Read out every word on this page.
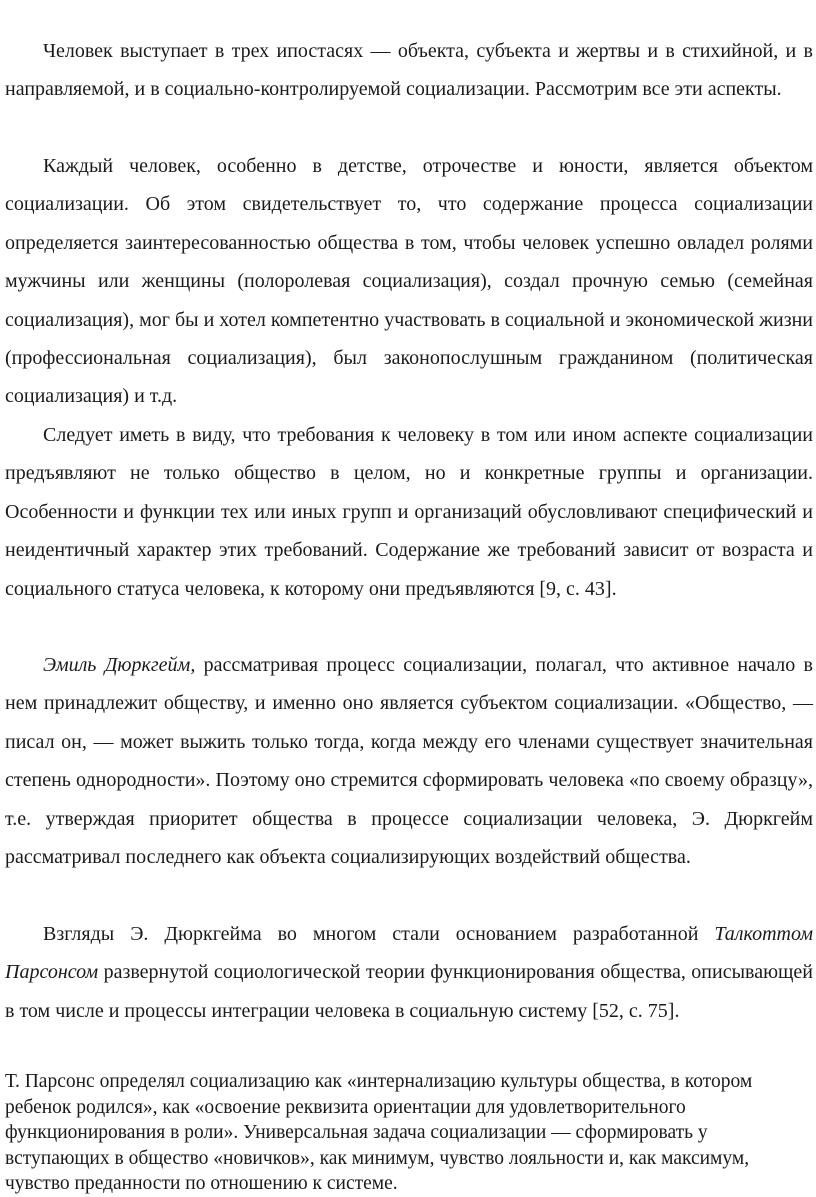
Человек выступает в трех ипостасях — объекта, субъекта и жертвы и в стихийной, и в направляемой, и в социально-контролируемой социализации. Рассмотрим все эти аспекты.

Каждый человек, особенно в детстве, отрочестве и юности, является объектом социализации. Об этом свидетельствует то, что содержание процесса социализации определяется заинтересованностью общества в том, чтобы человек успешно овладел ролями мужчины или женщины (полоролевая социализация), создал прочную семью (семейная социализация), мог бы и хотел компетентно участвовать в социальной и экономической жизни (профессиональная социализация), был законопослушным гражданином (политическая социализация) и т.д.

Следует иметь в виду, что требования к человеку в том или ином аспекте социализации предъявляют не только общество в целом, но и конкретные группы и организации. Особенности и функции тех или иных групп и организаций обусловливают специфический и неидентичный характер этих требований. Содержание же требований зависит от возраста и социального статуса человека, к которому они предъявляются [9, с. 43].

Эмиль Дюркгейм, рассматривая процесс социализации, полагал, что активное начало в нем принадлежит обществу, и именно оно является субъектом социализации. «Общество, — писал он, — может выжить только тогда, когда между его членами существует значительная степень однородности». Поэтому оно стремится сформировать человека «по своему образцу», т.е. утверждая приоритет общества в процессе социализации человека, Э. Дюркгейм рассматривал последнего как объекта социализирующих воздействий общества.

Взгляды Э. Дюркгейма во многом стали основанием разработанной Талкоттом Парсонсом развернутой социологической теории функционирования общества, описывающей в том числе и процессы интеграции человека в социальную систему [52, с. 75].

Т. Парсонс определял социализацию как «интернализацию культуры общества, в котором ребенок родился», как «освоение реквизита ориентации для удовлетворительного функционирования в роли». Универсальная задача социализации — сформировать у вступающих в общество «новичков», как минимум, чувство лояльности и, как максимум, чувство преданности по отношению к системе.
